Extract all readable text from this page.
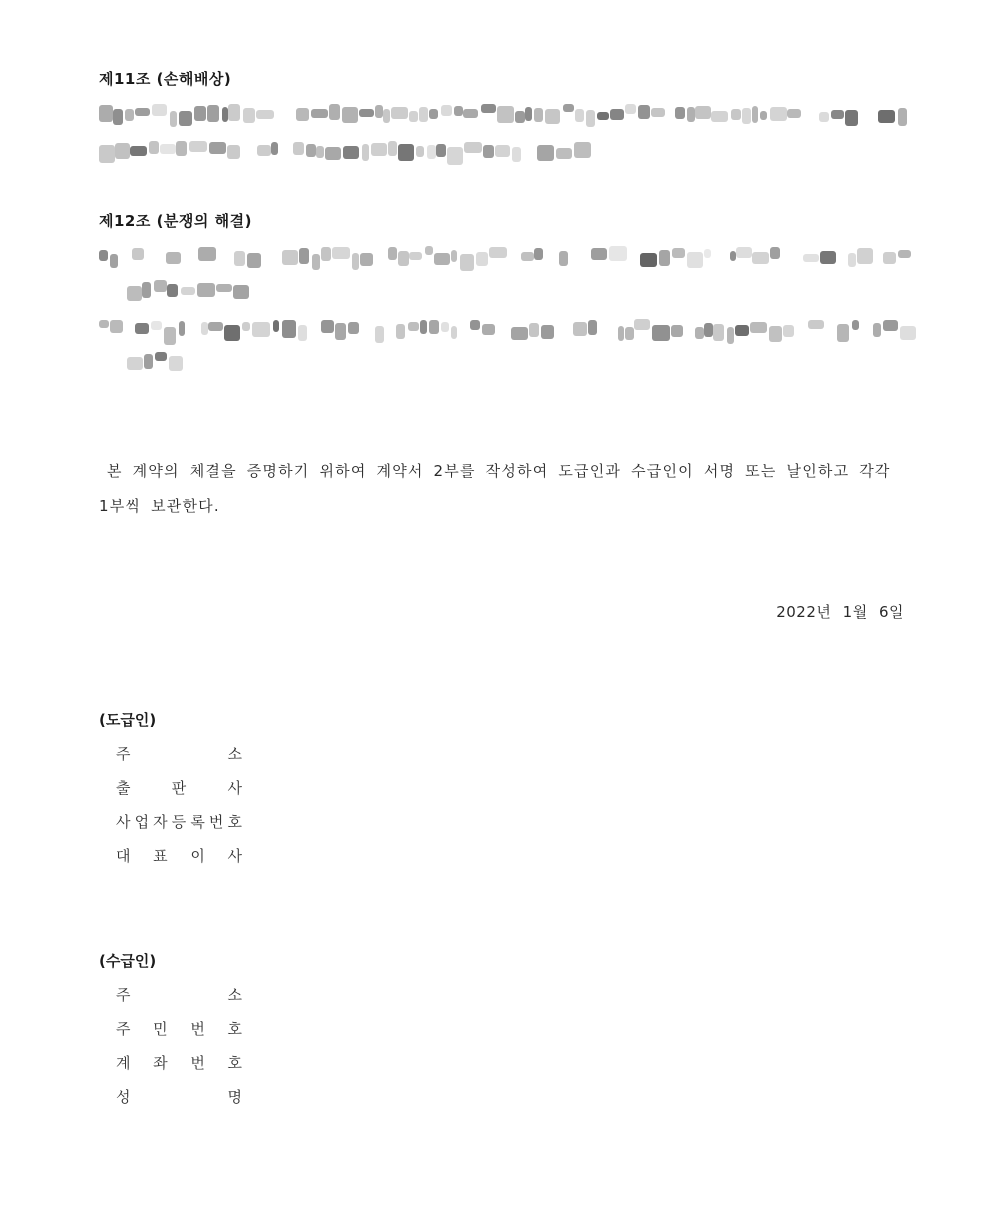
제11조 (손해배상)
제12조 (분쟁의 해결)
본 계약의 체결을 증명하기 위하여 계약서 2부를 작성하여 도급인과 수급인이 서명 또는 날인하고 각각
1부씩 보관한다.
2022년 1월 6일
(도급인)
주	소
출	판	사
사 업 자 등 록 번 호
대 표 이 사
(수급인)
주	소
주 민 번 호
계 좌 번 호
성	명
